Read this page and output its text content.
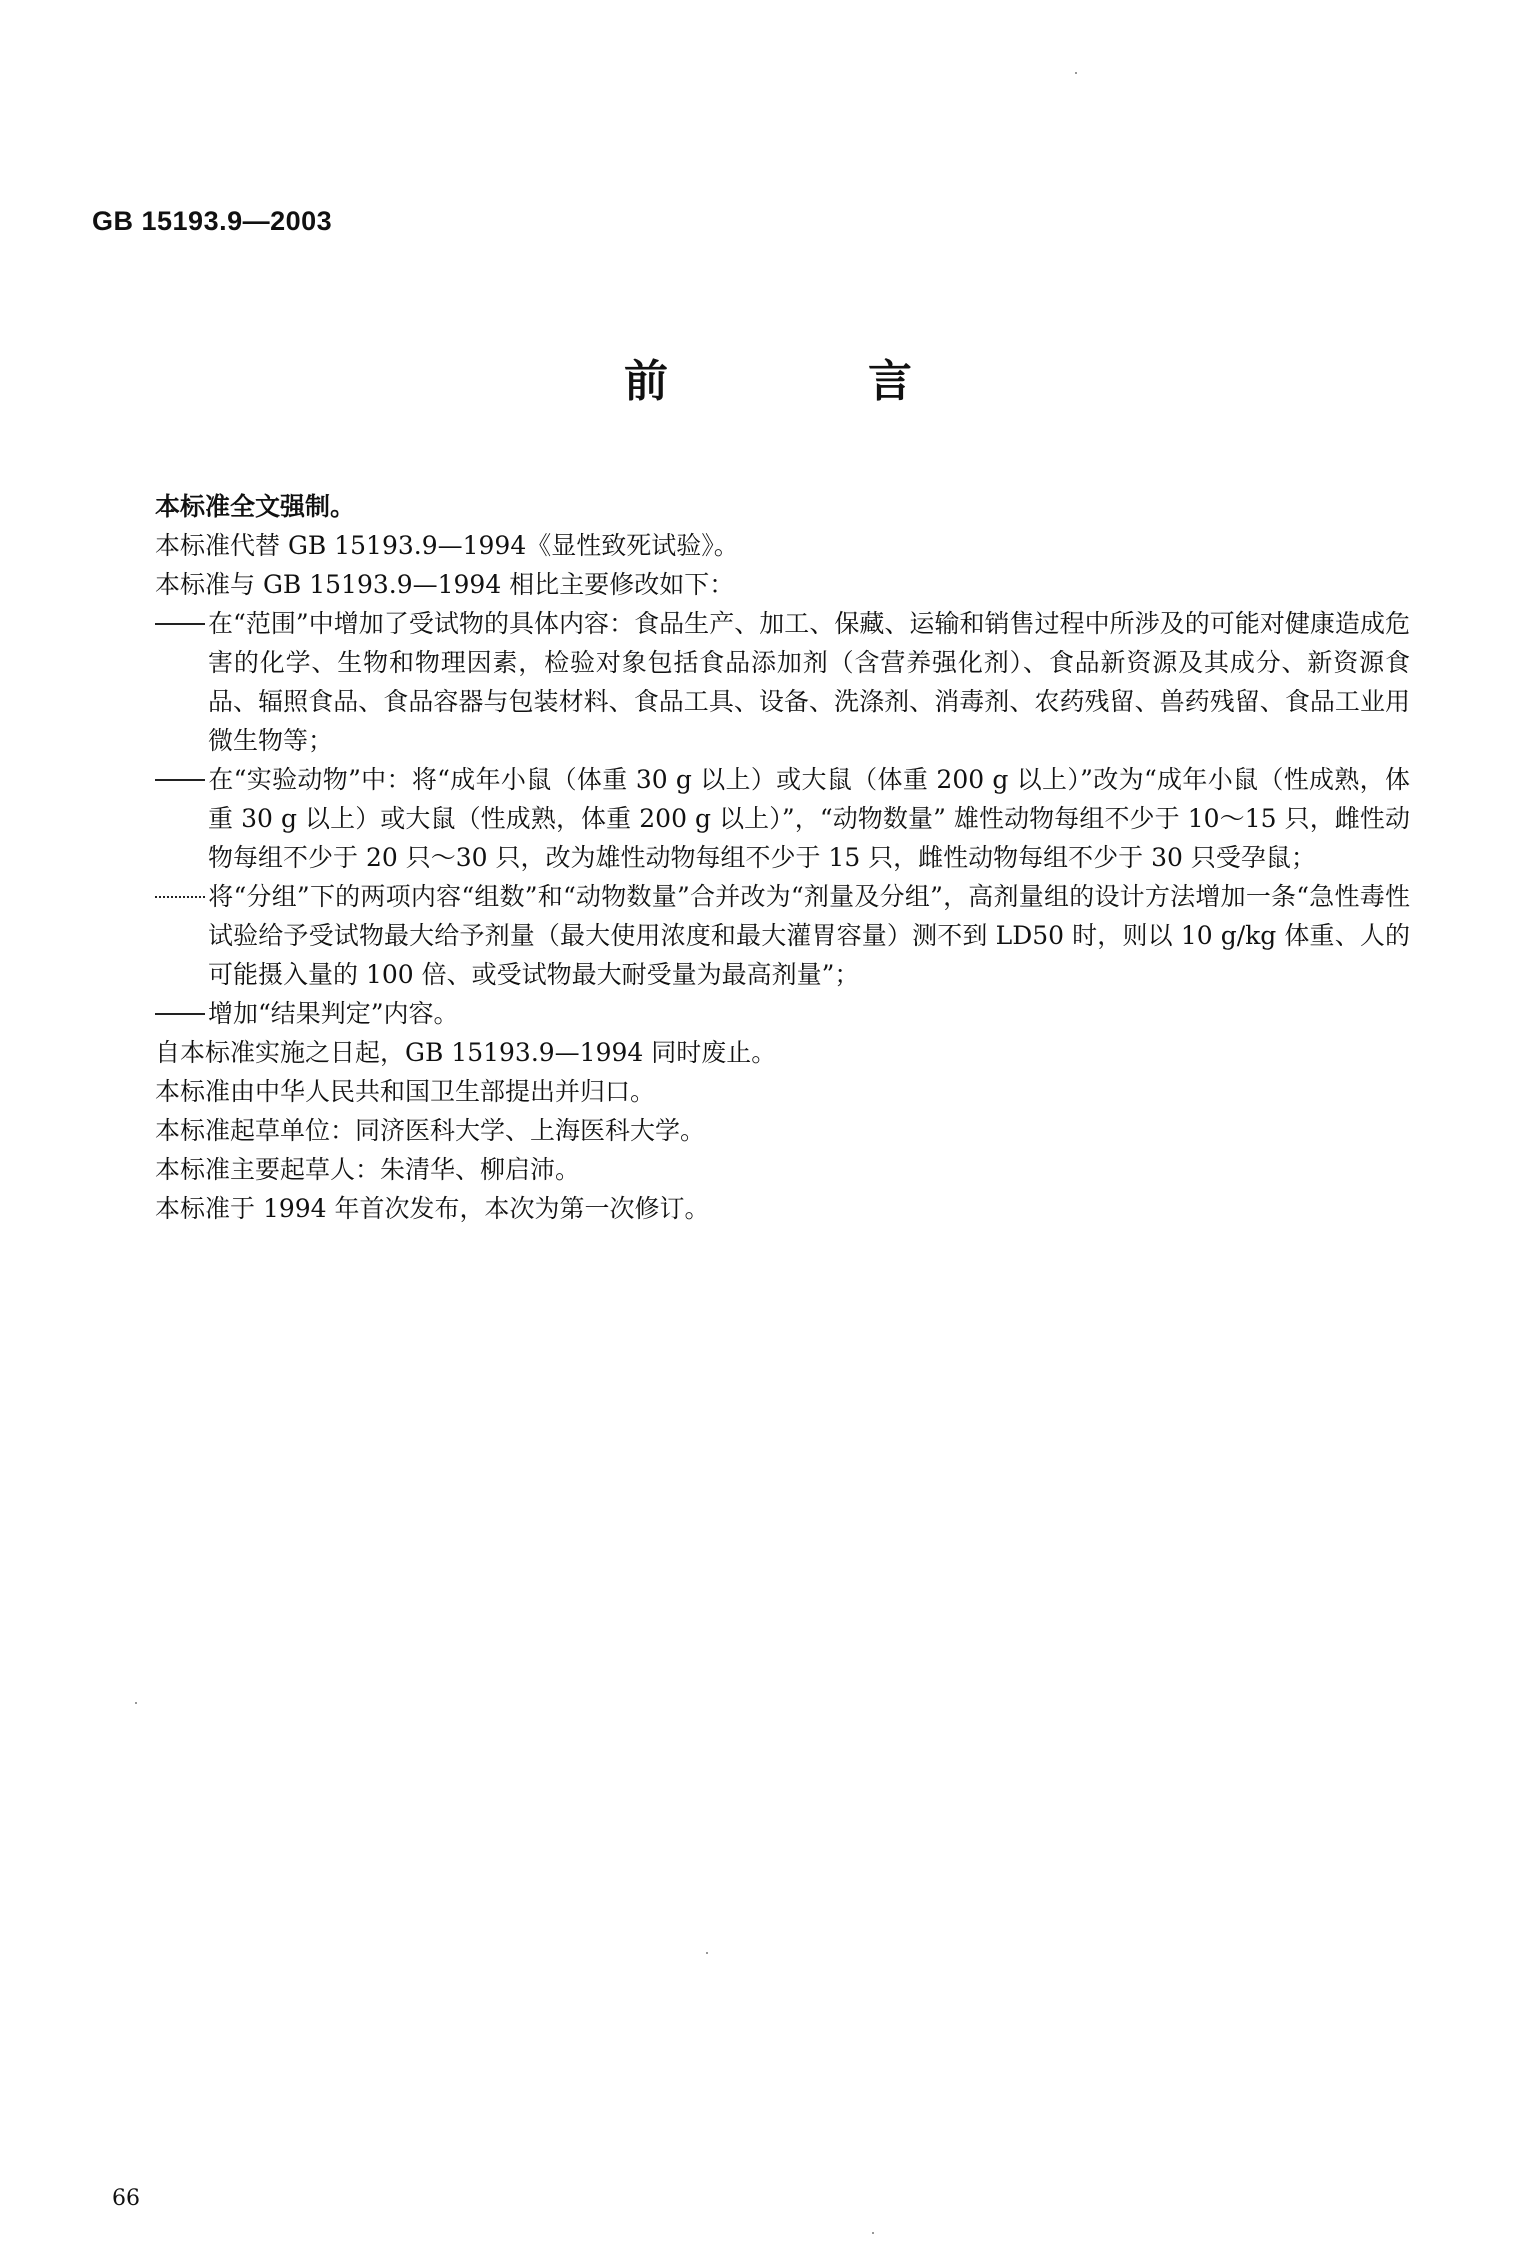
GB 15193.9—2003
前　言

本标准全文强制。

本标准代替 GB 15193.9—1994《显性致死试验》。

本标准与 GB 15193.9—1994 相比主要修改如下：

在“范围”中增加了受试物的具体内容：食品生产、加工、保藏、运输和销售过程中所涉及的可能对健康造成危害的化学、生物和物理因素，检验对象包括食品添加剂（含营养强化剂）、食品新资源及其成分、新资源食品、辐照食品、食品容器与包装材料、食品工具、设备、洗涤剂、消毒剂、农药残留、兽药残留、食品工业用微生物等；

在“实验动物”中：将“成年小鼠（体重 30 g 以上）或大鼠（体重 200 g 以上）”改为“成年小鼠（性成熟，体重 30 g 以上）或大鼠（性成熟，体重 200 g 以上）”，“动物数量” 雄性动物每组不少于 10～15 只，雌性动物每组不少于 20 只～30 只，改为雄性动物每组不少于 15 只，雌性动物每组不少于 30 只受孕鼠；

将“分组”下的两项内容“组数”和“动物数量”合并改为“剂量及分组”，高剂量组的设计方法增加一条“急性毒性试验给予受试物最大给予剂量（最大使用浓度和最大灌胃容量）测不到 LD50 时，则以 10 g/kg 体重、人的可能摄入量的 100 倍、或受试物最大耐受量为最高剂量”；

增加“结果判定”内容。

自本标准实施之日起，GB 15193.9—1994 同时废止。

本标准由中华人民共和国卫生部提出并归口。

本标准起草单位：同济医科大学、上海医科大学。

本标准主要起草人：朱清华、柳启沛。

本标准于 1994 年首次发布，本次为第一次修订。

66
